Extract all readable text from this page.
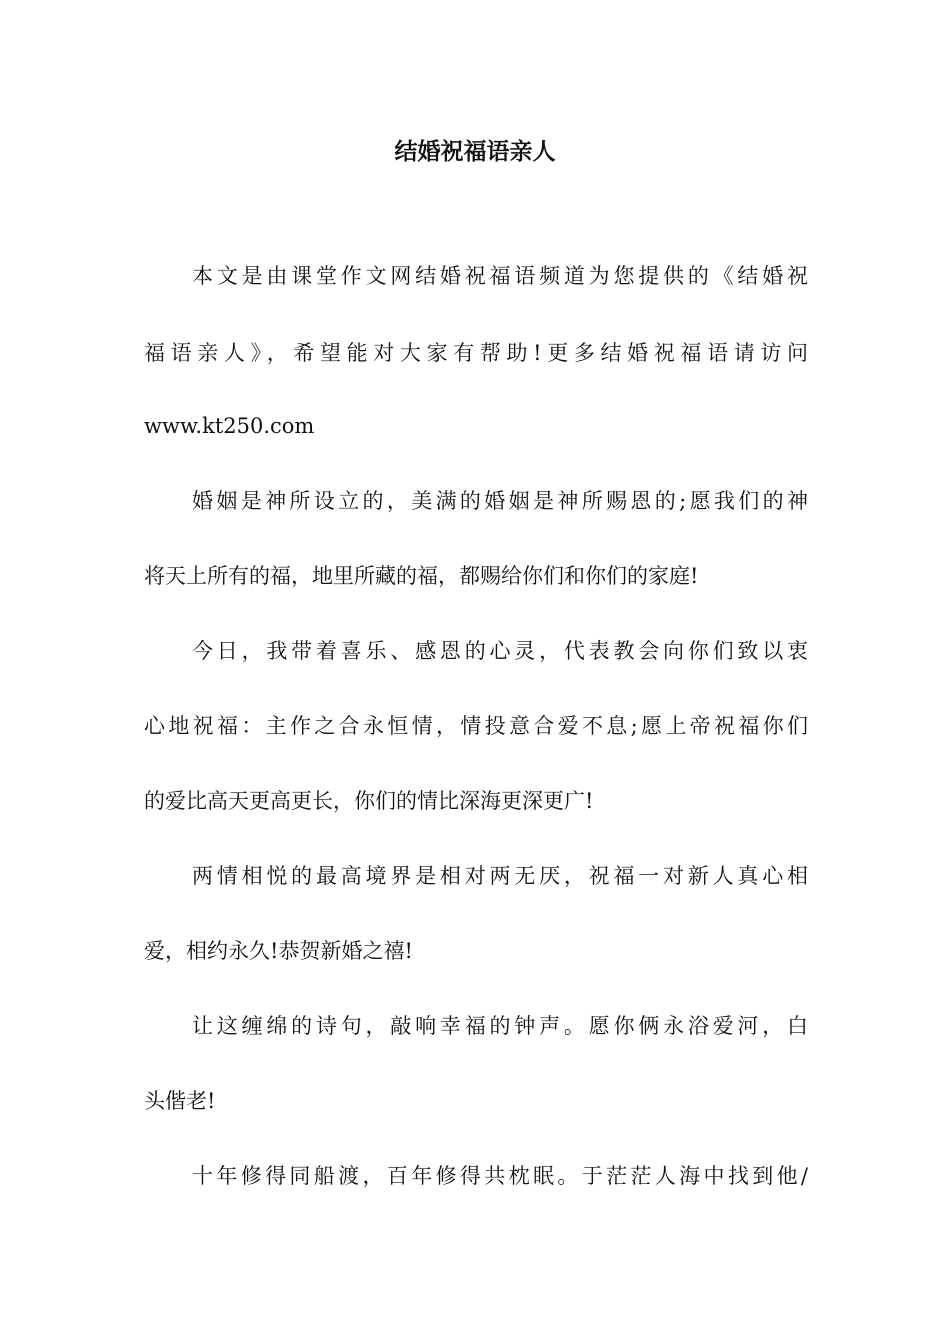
结婚祝福语亲人
本文是由课堂作文网结婚祝福语频道为您提供的《结婚祝
福语亲人》，希望能对大家有帮助!更多结婚祝福语请访问
www.kt250.com
婚姻是神所设立的，美满的婚姻是神所赐恩的;愿我们的神
将天上所有的福，地里所藏的福，都赐给你们和你们的家庭!
今日，我带着喜乐、感恩的心灵，代表教会向你们致以衷
心地祝福：主作之合永恒情，情投意合爱不息;愿上帝祝福你们
的爱比高天更高更长，你们的情比深海更深更广!
两情相悦的最高境界是相对两无厌，祝福一对新人真心相
爱，相约永久!恭贺新婚之禧!
让这缠绵的诗句，敲响幸福的钟声。愿你俩永浴爱河，白
头偕老!
十年修得同船渡，百年修得共枕眠。于茫茫人海中找到他/
